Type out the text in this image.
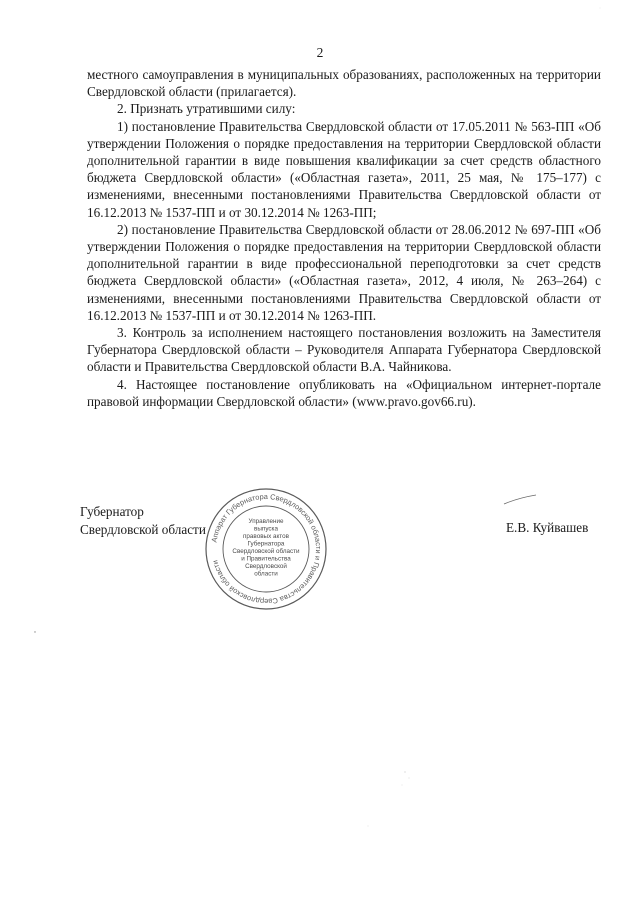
2

местного самоуправления в муниципальных образованиях, расположенных на территории Свердловской области (прилагается).

2. Признать утратившими силу:

1) постановление Правительства Свердловской области от 17.05.2011 № 563-ПП «Об утверждении Положения о порядке предоставления на территории Свердловской области дополнительной гарантии в виде повышения квалификации за счет средств областного бюджета Свердловской области» («Областная газета», 2011, 25 мая, № 175–177) с изменениями, внесенными постановлениями Правительства Свердловской области от 16.12.2013 № 1537-ПП и от 30.12.2014 № 1263-ПП;

2) постановление Правительства Свердловской области от 28.06.2012 № 697-ПП «Об утверждении Положения о порядке предоставления на территории Свердловской области дополнительной гарантии в виде профессиональной переподготовки за счет средств бюджета Свердловской области» («Областная газета», 2012, 4 июля, № 263–264) с изменениями, внесенными постановлениями Правительства Свердловской области от 16.12.2013 № 1537-ПП и от 30.12.2014 № 1263-ПП.

3. Контроль за исполнением настоящего постановления возложить на Заместителя Губернатора Свердловской области – Руководителя Аппарата Губернатора Свердловской области и Правительства Свердловской области В.А. Чайникова.

4. Настоящее постановление опубликовать на «Официальном интернет-портале правовой информации Свердловской области» (www.pravo.gov66.ru).

Губернатор
Свердловской области	Е.В. Куйвашев
Аппарат Губернатора Свердловской области и Правительства Свердловской области
Управление
выпуска
правовых актов
Губернатора
Свердловской области
и Правительства
Свердловской
области
